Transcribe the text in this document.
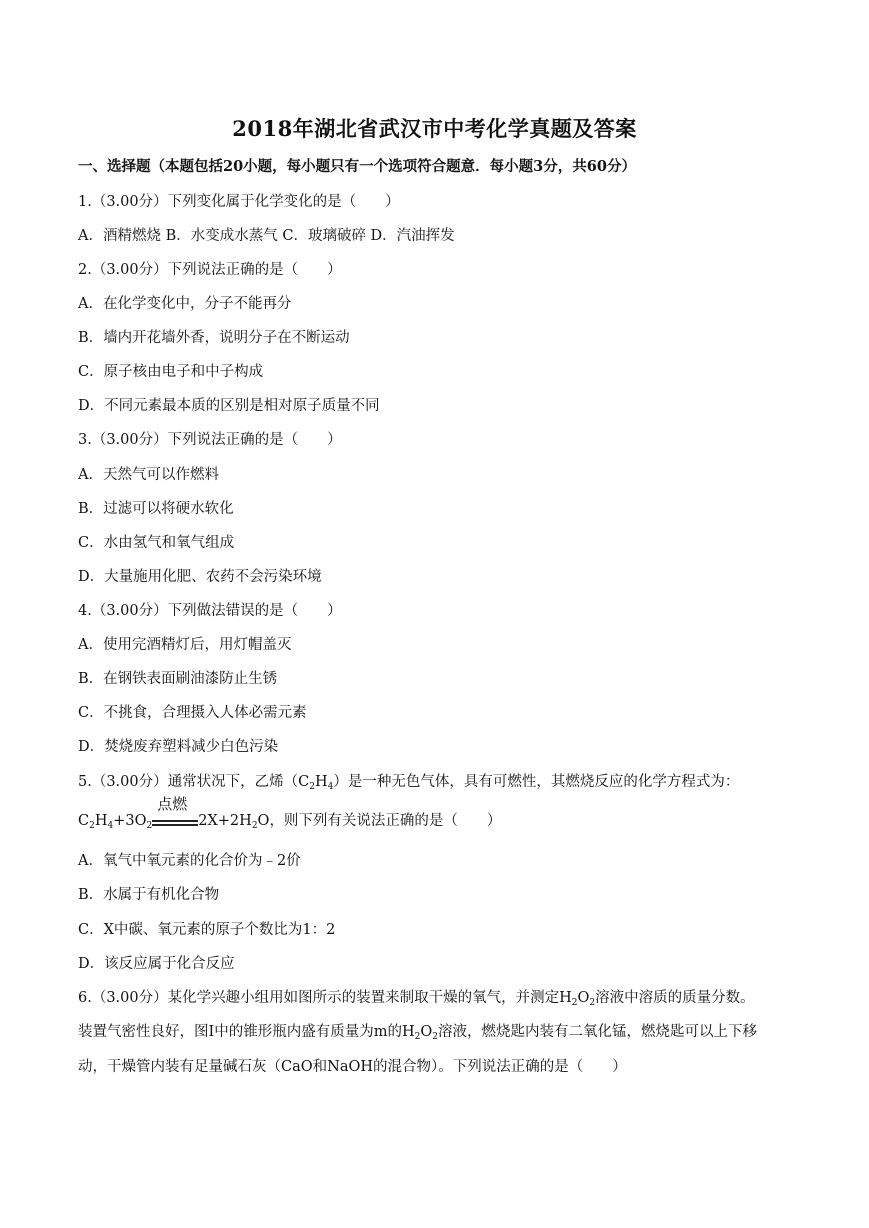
2018年湖北省武汉市中考化学真题及答案
一、选择题（本题包括20小题，每小题只有一个选项符合题意．每小题3分，共60分）
1.（3.00分）下列变化属于化学变化的是（　　）
A．酒精燃烧 B．水变成水蒸气 C．玻璃破碎 D．汽油挥发
2.（3.00分）下列说法正确的是（　　）
A．在化学变化中，分子不能再分
B．墙内开花墙外香，说明分子在不断运动
C．原子核由电子和中子构成
D．不同元素最本质的区别是相对原子质量不同
3.（3.00分）下列说法正确的是（　　）
A．天然气可以作燃料
B．过滤可以将硬水软化
C．水由氢气和氧气组成
D．大量施用化肥、农药不会污染环境
4.（3.00分）下列做法错误的是（　　）
A．使用完酒精灯后，用灯帽盖灭
B．在钢铁表面刷油漆防止生锈
C．不挑食，合理摄入人体必需元素
D．焚烧废弃塑料减少白色污染
5.（3.00分）通常状况下，乙烯$(C_2H_4)$是一种无色气体，具有可燃性，其燃烧反应的化学方程式为：
$C_2H_4+3O_2$
点燃
$2X+2H_2O$，则下列有关说法正确的是（　　）
A．氧气中氧元素的化合价为﹣2价
B．水属于有机化合物
C．X中碳、氧元素的原子个数比为1：2
D．该反应属于化合反应
6.（3.00分）某化学兴趣小组用如图所示的装置来制取干燥的氧气，并测定$H_2O_2$溶液中溶质的质量分数。
装置气密性良好，图Ⅰ中的锥形瓶内盛有质量为m的$H_2O_2$溶液，燃烧匙内装有二氧化锰，燃烧匙可以上下移
动，干燥管内装有足量碱石灰（CaO和NaOH的混合物）。下列说法正确的是（　　）
